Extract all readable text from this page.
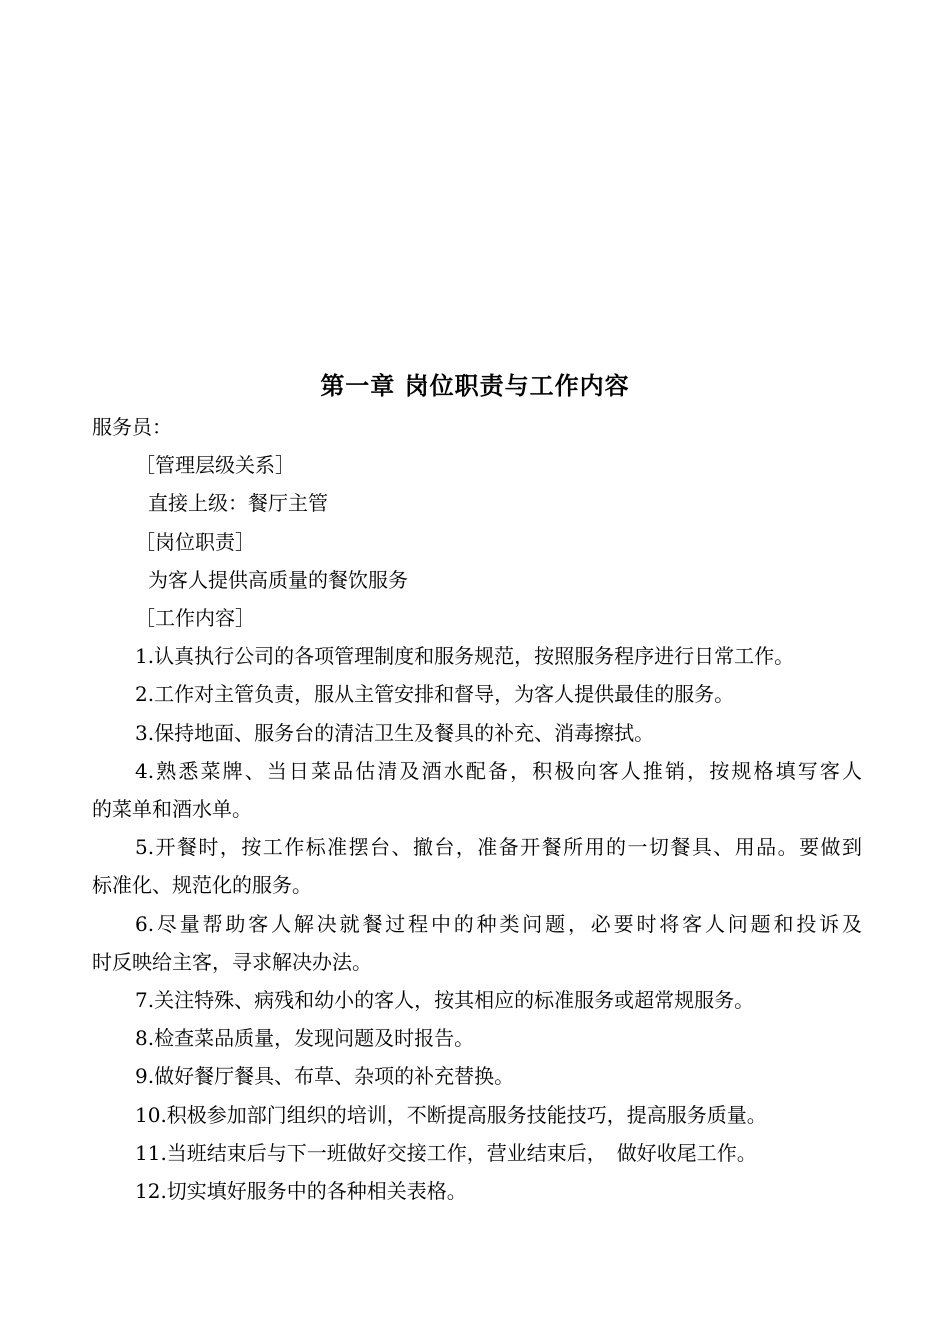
第一章 岗位职责与工作内容
服务员：
［管理层级关系］
直接上级：餐厅主管
［岗位职责］
为客人提供高质量的餐饮服务
［工作内容］
1.认真执行公司的各项管理制度和服务规范，按照服务程序进行日常工作。
2.工作对主管负责，服从主管安排和督导，为客人提供最佳的服务。
3.保持地面、服务台的清洁卫生及餐具的补充、消毒擦拭。
4.熟悉菜牌、当日菜品估清及酒水配备，积极向客人推销，按规格填写客人
的菜单和酒水单。
5.开餐时，按工作标准摆台、撤台，准备开餐所用的一切餐具、用品。要做到
标准化、规范化的服务。
6.尽量帮助客人解决就餐过程中的种类问题，必要时将客人问题和投诉及
时反映给主客，寻求解决办法。
7.关注特殊、病残和幼小的客人，按其相应的标准服务或超常规服务。
8.检查菜品质量，发现问题及时报告。
9.做好餐厅餐具、布草、杂项的补充替换。
10.积极参加部门组织的培训，不断提高服务技能技巧，提高服务质量。
11.当班结束后与下一班做好交接工作，营业结束后，　做好收尾工作。
12.切实填好服务中的各种相关表格。
